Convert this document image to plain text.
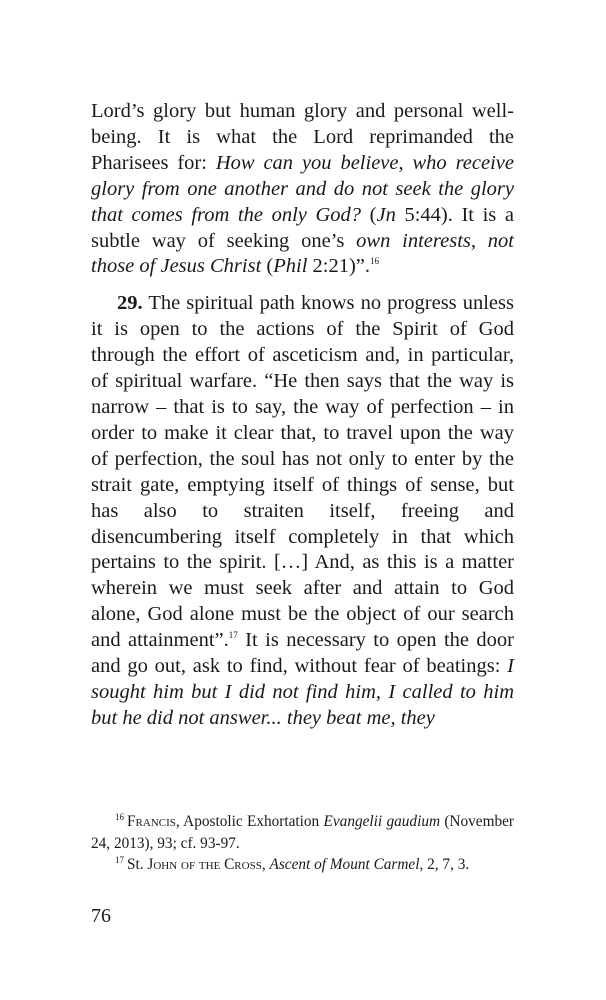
Lord’s glory but human glory and personal well-being. It is what the Lord reprimanded the Pharisees for: How can you believe, who receive glory from one another and do not seek the glory that comes from the only God? (Jn 5:44). It is a subtle way of seeking one’s own interests, not those of Jesus Christ (Phil 2:21)”.$^{16}$

29. The spiritual path knows no progress unless it is open to the actions of the Spirit of God through the effort of asceticism and, in particular, of spiritual warfare. “He then says that the way is narrow – that is to say, the way of perfection – in order to make it clear that, to travel upon the way of perfection, the soul has not only to enter by the strait gate, emptying itself of things of sense, but has also to straiten itself, freeing and disencumbering itself completely in that which pertains to the spirit. […] And, as this is a matter wherein we must seek after and attain to God alone, God alone must be the object of our search and attainment”.$^{17}$ It is necessary to open the door and go out, ask to find, without fear of beatings: I sought him but I did not find him, I called to him but he did not answer... they beat me, they

$^{16}$ Francis, Apostolic Exhortation Evangelii gaudium (November 24, 2013), 93; cf. 93-97.

$^{17}$ St. John of the Cross, Ascent of Mount Carmel, 2, 7, 3.

76
